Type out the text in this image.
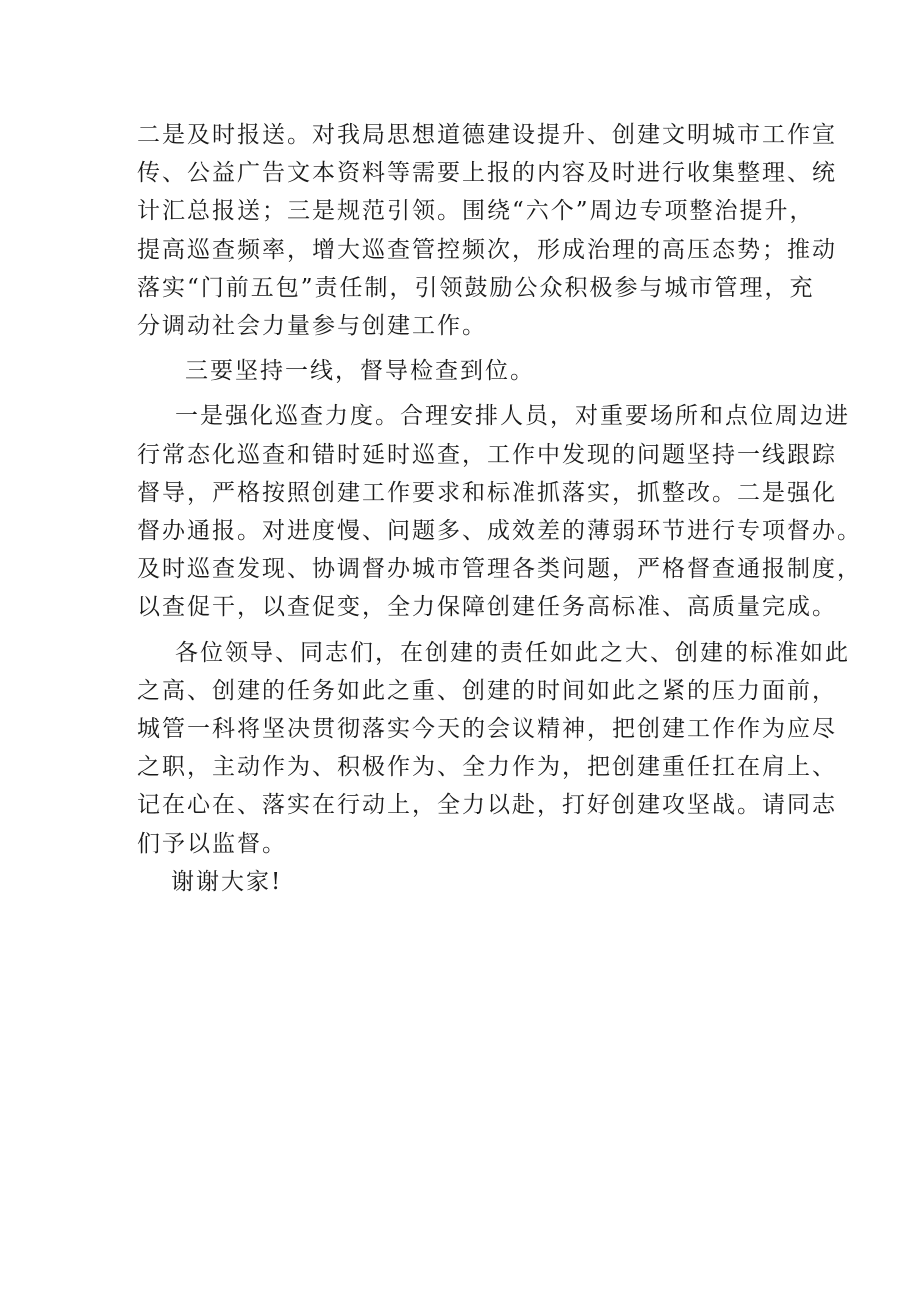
二是及时报送。对我局思想道德建设提升、创建文明城市工作宣
传、公益广告文本资料等需要上报的内容及时进行收集整理、统
计汇总报送；三是规范引领。围绕“六个”周边专项整治提升，
提高巡查频率，增大巡查管控频次，形成治理的高压态势；推动
落实“门前五包”责任制，引领鼓励公众积极参与城市管理，充
分调动社会力量参与创建工作。
三要坚持一线，督导检查到位。
一是强化巡查力度。合理安排人员，对重要场所和点位周边进
行常态化巡查和错时延时巡查，工作中发现的问题坚持一线跟踪
督导，严格按照创建工作要求和标准抓落实，抓整改。二是强化
督办通报。对进度慢、问题多、成效差的薄弱环节进行专项督办。
及时巡查发现、协调督办城市管理各类问题，严格督查通报制度，
以查促干，以查促变，全力保障创建任务高标准、高质量完成。
各位领导、同志们，在创建的责任如此之大、创建的标准如此
之高、创建的任务如此之重、创建的时间如此之紧的压力面前，
城管一科将坚决贯彻落实今天的会议精神，把创建工作作为应尽
之职，主动作为、积极作为、全力作为，把创建重任扛在肩上、
记在心在、落实在行动上，全力以赴，打好创建攻坚战。请同志
们予以监督。
谢谢大家!
